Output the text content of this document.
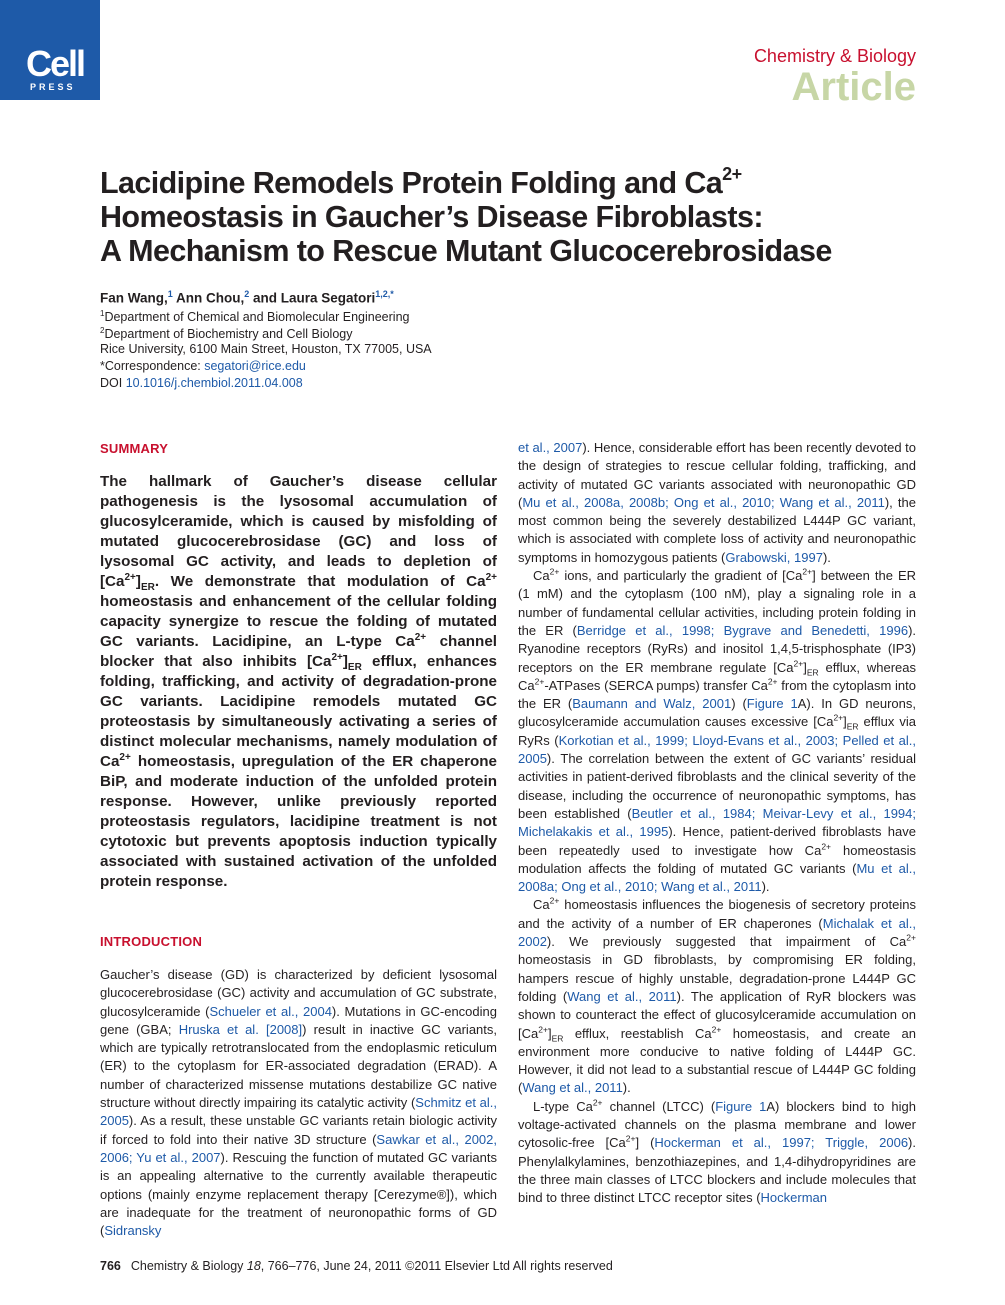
Cell
PRESS
Chemistry & Biology
Article
Lacidipine Remodels Protein Folding and $Ca^{2+}$
Homeostasis in Gaucher’s Disease Fibroblasts:
A Mechanism to Rescue Mutant Glucocerebrosidase
Fan Wang,$^1$ Ann Chou,$^2$ and Laura Segatori$^{1,2,*}$
$^1$Department of Chemical and Biomolecular Engineering
$^2$Department of Biochemistry and Cell Biology
Rice University, 6100 Main Street, Houston, TX 77005, USA
*Correspondence: segatori@rice.edu
DOI 10.1016/j.chembiol.2011.04.008
SUMMARY
The hallmark of Gaucher’s disease cellular pathogenesis is the lysosomal accumulation of glucosylceramide, which is caused by misfolding of mutated glucocerebrosidase (GC) and loss of lysosomal GC activity, and leads to depletion of $[Ca^{2+}]_{ER}$. We demonstrate that modulation of $Ca^{2+}$ homeostasis and enhancement of the cellular folding capacity synergize to rescue the folding of mutated GC variants. Lacidipine, an L-type $Ca^{2+}$ channel blocker that also inhibits $[Ca^{2+}]_{ER}$ efflux, enhances folding, trafficking, and activity of degradation-prone GC variants. Lacidipine remodels mutated GC proteostasis by simultaneously activating a series of distinct molecular mechanisms, namely modulation of $Ca^{2+}$ homeostasis, upregulation of the ER chaperone BiP, and moderate induction of the unfolded protein response. However, unlike previously reported proteostasis regulators, lacidipine treatment is not cytotoxic but prevents apoptosis induction typically associated with sustained activation of the unfolded protein response.
INTRODUCTION

Gaucher’s disease (GD) is characterized by deficient lysosomal glucocerebrosidase (GC) activity and accumulation of GC substrate, glucosylceramide (Schueler et al., 2004). Mutations in GC-encoding gene (GBA; Hruska et al. [2008]) result in inactive GC variants, which are typically retrotranslocated from the endoplasmic reticulum (ER) to the cytoplasm for ER-associated degradation (ERAD). A number of characterized missense mutations destabilize GC native structure without directly impairing its catalytic activity (Schmitz et al., 2005). As a result, these unstable GC variants retain biologic activity if forced to fold into their native 3D structure (Sawkar et al., 2002, 2006; Yu et al., 2007). Rescuing the function of mutated GC variants is an appealing alternative to the currently available therapeutic options (mainly enzyme replacement therapy [Cerezyme®]), which are inadequate for the treatment of neuronopathic forms of GD (Sidransky

et al., 2007). Hence, considerable effort has been recently devoted to the design of strategies to rescue cellular folding, trafficking, and activity of mutated GC variants associated with neuronopathic GD (Mu et al., 2008a, 2008b; Ong et al., 2010; Wang et al., 2011), the most common being the severely destabilized L444P GC variant, which is associated with complete loss of activity and neuronopathic symptoms in homozygous patients (Grabowski, 1997).

$Ca^{2+}$ ions, and particularly the gradient of $[Ca^{2+}]$ between the ER (1 mM) and the cytoplasm (100 nM), play a signaling role in a number of fundamental cellular activities, including protein folding in the ER (Berridge et al., 1998; Bygrave and Benedetti, 1996). Ryanodine receptors (RyRs) and inositol 1,4,5-trisphosphate (IP3) receptors on the ER membrane regulate $[Ca^{2+}]_{ER}$ efflux, whereas $Ca^{2+}$-ATPases (SERCA pumps) transfer $Ca^{2+}$ from the cytoplasm into the ER (Baumann and Walz, 2001) (Figure 1A). In GD neurons, glucosylceramide accumulation causes excessive $[Ca^{2+}]_{ER}$ efflux via RyRs (Korkotian et al., 1999; Lloyd-Evans et al., 2003; Pelled et al., 2005). The correlation between the extent of GC variants’ residual activities in patient-derived fibroblasts and the clinical severity of the disease, including the occurrence of neuronopathic symptoms, has been established (Beutler et al., 1984; Meivar-Levy et al., 1994; Michelakakis et al., 1995). Hence, patient-derived fibroblasts have been repeatedly used to investigate how $Ca^{2+}$ homeostasis modulation affects the folding of mutated GC variants (Mu et al., 2008a; Ong et al., 2010; Wang et al., 2011).

$Ca^{2+}$ homeostasis influences the biogenesis of secretory proteins and the activity of a number of ER chaperones (Michalak et al., 2002). We previously suggested that impairment of $Ca^{2+}$ homeostasis in GD fibroblasts, by compromising ER folding, hampers rescue of highly unstable, degradation-prone L444P GC folding (Wang et al., 2011). The application of RyR blockers was shown to counteract the effect of glucosylceramide accumulation on $[Ca^{2+}]_{ER}$ efflux, reestablish $Ca^{2+}$ homeostasis, and create an environment more conducive to native folding of L444P GC. However, it did not lead to a substantial rescue of L444P GC folding (Wang et al., 2011).

L-type $Ca^{2+}$ channel (LTCC) (Figure 1A) blockers bind to high voltage-activated channels on the plasma membrane and lower cytosolic-free $[Ca^{2+}]$ (Hockerman et al., 1997; Triggle, 2006). Phenylalkylamines, benzothiazepines, and 1,4-dihydropyridines are the three main classes of LTCC blockers and include molecules that bind to three distinct LTCC receptor sites (Hockerman

766 Chemistry & Biology 18, 766–776, June 24, 2011 ©2011 Elsevier Ltd All rights reserved
